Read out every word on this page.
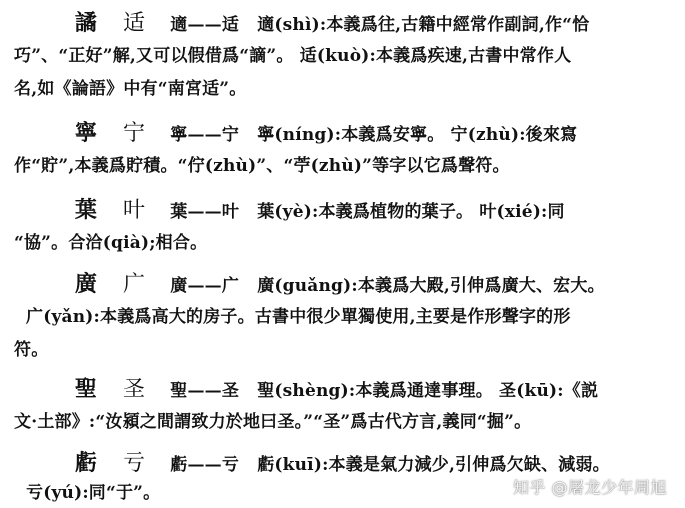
譎 适 適——适 適(shì):本義爲往,古籍中經常作副詞,作“恰
巧”、“正好”解,又可以假借爲“謫”。 适(kuò):本義爲疾速,古書中常作人
名,如《論語》中有“南宮适”。
寧 宁 寧——宁 寧(níng):本義爲安寧。 宁(zhù):後來寫
作“貯”,本義爲貯積。“佇(zhù)”、“苧(zhù)”等字以它爲聲符。
葉 叶 葉——叶 葉(yè):本義爲植物的葉子。 叶(xié):同
“協”。合洽(qià);相合。
廣 广 廣——广 廣(guǎng):本義爲大殿,引伸爲廣大、宏大。
广(yǎn):本義爲高大的房子。古書中很少單獨使用,主要是作形聲字的形
符。
聖 圣 聖——圣 聖(shèng):本義爲通達事理。 圣(kū):《説
文·土部》:“汝潁之間謂致力於地曰圣。”“圣”爲古代方言,義同“掘”。
虧 亏 虧——亏 虧(kuī):本義是氣力減少,引伸爲欠缺、減弱。
亏(yú):同“于”。	知乎 @屠龙少年周旭
